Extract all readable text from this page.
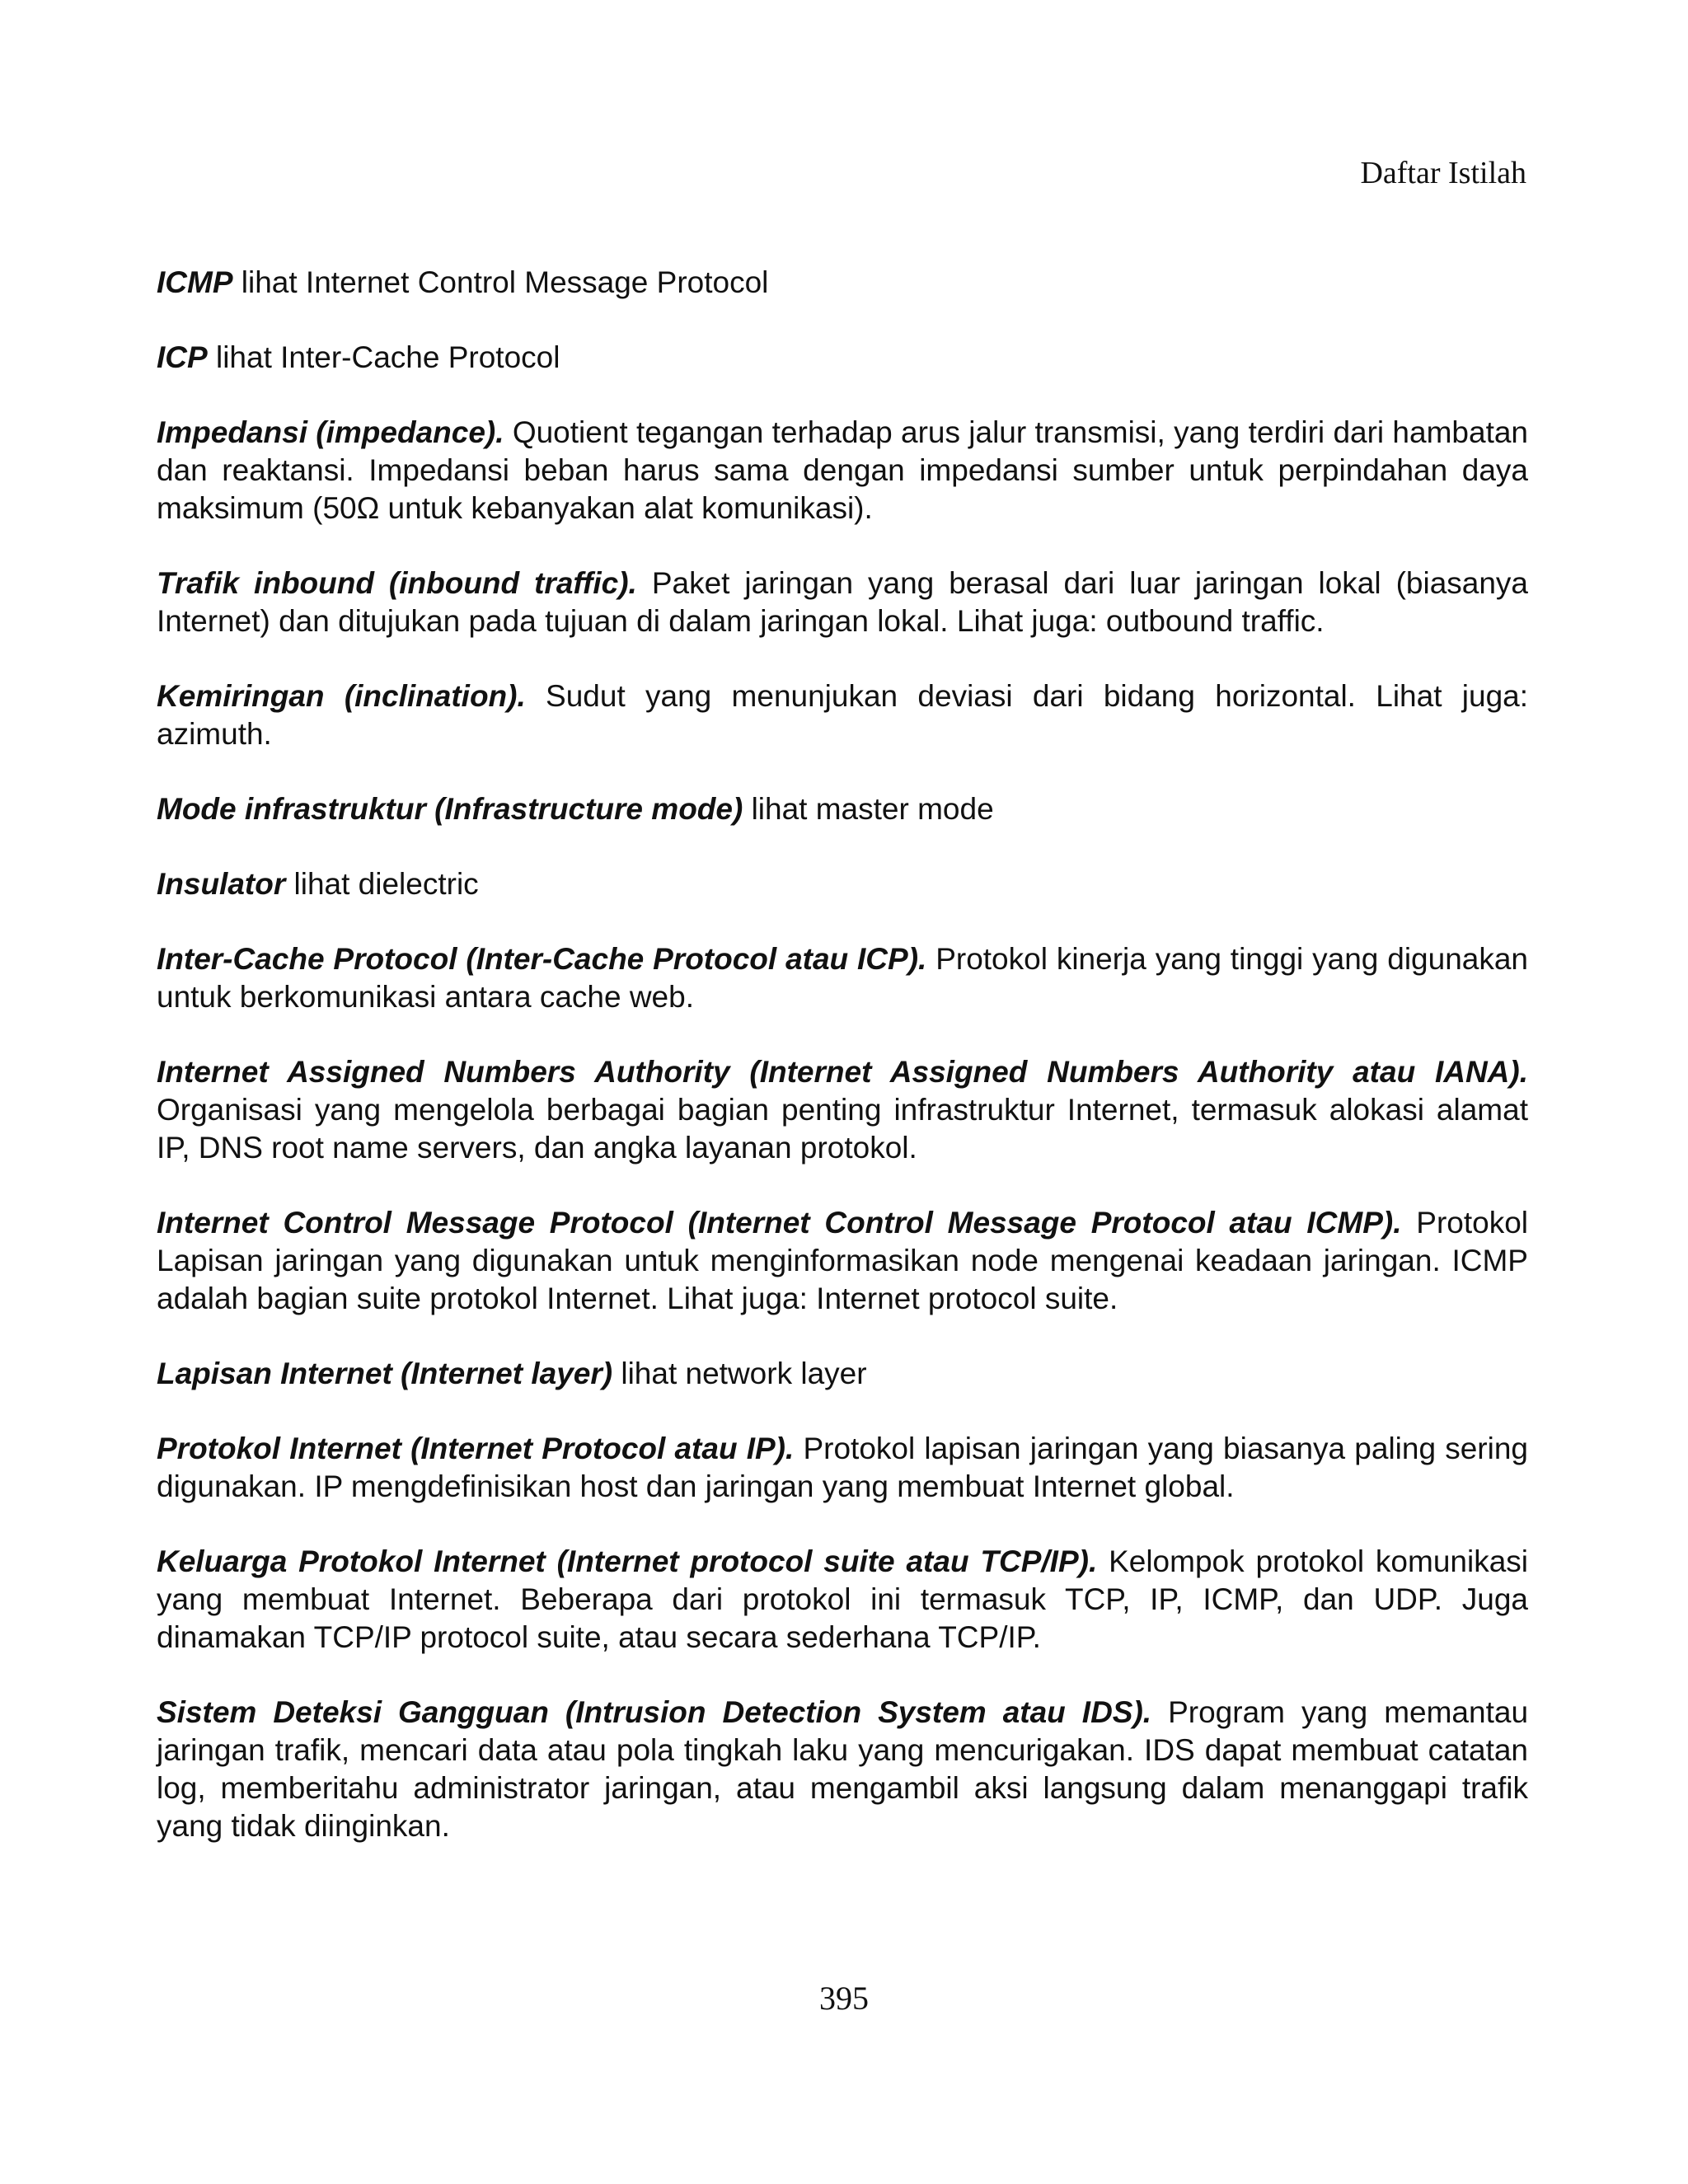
Daftar Istilah

ICMP lihat Internet Control Message Protocol

ICP lihat Inter-Cache Protocol

Impedansi (impedance). Quotient tegangan terhadap arus jalur transmisi, yang terdiri dari hambatan dan reaktansi. Impedansi beban harus sama dengan impedansi sumber untuk perpindahan daya maksimum (50Ω untuk kebanyakan alat komunikasi).

Trafik inbound (inbound traffic). Paket jaringan yang berasal dari luar jaringan lokal (biasanya Internet) dan ditujukan pada tujuan di dalam jaringan lokal. Lihat juga: outbound traffic.

Kemiringan (inclination). Sudut yang menunjukan deviasi dari bidang horizontal. Lihat juga: azimuth.

Mode infrastruktur (Infrastructure mode) lihat master mode

Insulator lihat dielectric

Inter-Cache Protocol (Inter-Cache Protocol atau ICP). Protokol kinerja yang tinggi yang digunakan untuk berkomunikasi antara cache web.

Internet Assigned Numbers Authority (Internet Assigned Numbers Authority atau IANA). Organisasi yang mengelola berbagai bagian penting infrastruktur Internet, termasuk alokasi alamat IP, DNS root name servers, dan angka layanan protokol.

Internet Control Message Protocol (Internet Control Message Protocol atau ICMP). Protokol Lapisan jaringan yang digunakan untuk menginformasikan node mengenai keadaan jaringan. ICMP adalah bagian suite protokol Internet. Lihat juga: Internet protocol suite.

Lapisan Internet (Internet layer) lihat network layer

Protokol Internet (Internet Protocol atau IP). Protokol lapisan jaringan yang biasanya paling sering digunakan. IP mengdefinisikan host dan jaringan yang membuat Internet global.

Keluarga Protokol Internet (Internet protocol suite atau TCP/IP). Kelompok protokol komunikasi yang membuat Internet. Beberapa dari protokol ini termasuk TCP, IP, ICMP, dan UDP. Juga dinamakan TCP/IP protocol suite, atau secara sederhana TCP/IP.

Sistem Deteksi Gangguan (Intrusion Detection System atau IDS). Program yang memantau jaringan trafik, mencari data atau pola tingkah laku yang mencurigakan. IDS dapat membuat catatan log, memberitahu administrator jaringan, atau mengambil aksi langsung dalam menanggapi trafik yang tidak diinginkan.

395
